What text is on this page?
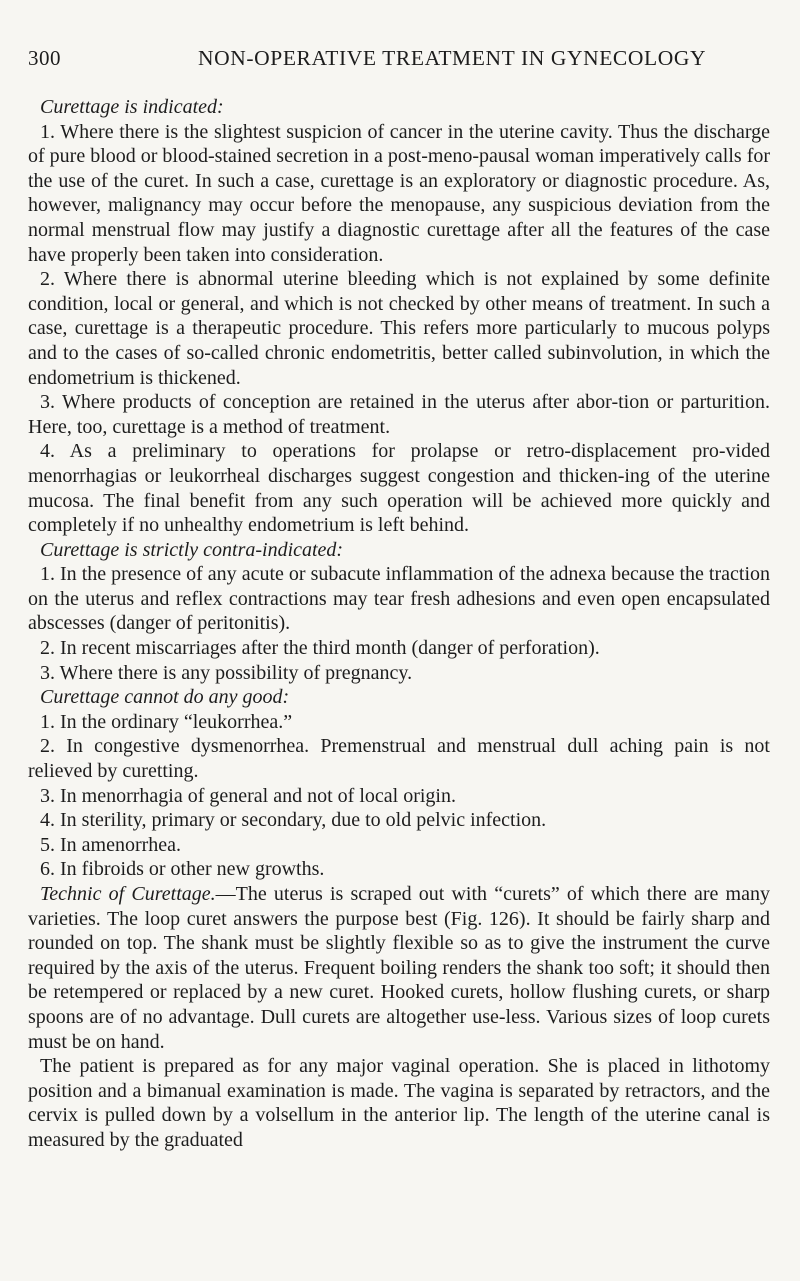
300	NON-OPERATIVE TREATMENT IN GYNECOLOGY

Curettage is indicated:

1. Where there is the slightest suspicion of cancer in the uterine cavity. Thus the discharge of pure blood or blood-stained secretion in a post-meno-pausal woman imperatively calls for the use of the curet. In such a case, curettage is an exploratory or diagnostic procedure. As, however, malignancy may occur before the menopause, any suspicious deviation from the normal menstrual flow may justify a diagnostic curettage after all the features of the case have properly been taken into consideration.

2. Where there is abnormal uterine bleeding which is not explained by some definite condition, local or general, and which is not checked by other means of treatment. In such a case, curettage is a therapeutic procedure. This refers more particularly to mucous polyps and to the cases of so-called chronic endometritis, better called subinvolution, in which the endometrium is thickened.

3. Where products of conception are retained in the uterus after abor-tion or parturition. Here, too, curettage is a method of treatment.

4. As a preliminary to operations for prolapse or retro-displacement pro-vided menorrhagias or leukorrheal discharges suggest congestion and thicken-ing of the uterine mucosa. The final benefit from any such operation will be achieved more quickly and completely if no unhealthy endometrium is left behind.

Curettage is strictly contra-indicated:

1. In the presence of any acute or subacute inflammation of the adnexa because the traction on the uterus and reflex contractions may tear fresh adhesions and even open encapsulated abscesses (danger of peritonitis).

2. In recent miscarriages after the third month (danger of perforation).

3. Where there is any possibility of pregnancy.

Curettage cannot do any good:

1. In the ordinary “leukorrhea.”

2. In congestive dysmenorrhea. Premenstrual and menstrual dull aching pain is not relieved by curetting.

3. In menorrhagia of general and not of local origin.

4. In sterility, primary or secondary, due to old pelvic infection.

5. In amenorrhea.

6. In fibroids or other new growths.

Technic of Curettage.—The uterus is scraped out with “curets” of which there are many varieties. The loop curet answers the purpose best (Fig. 126). It should be fairly sharp and rounded on top. The shank must be slightly flexible so as to give the instrument the curve required by the axis of the uterus. Frequent boiling renders the shank too soft; it should then be retempered or replaced by a new curet. Hooked curets, hollow flushing curets, or sharp spoons are of no advantage. Dull curets are altogether use-less. Various sizes of loop curets must be on hand.

The patient is prepared as for any major vaginal operation. She is placed in lithotomy position and a bimanual examination is made. The vagina is separated by retractors, and the cervix is pulled down by a volsellum in the anterior lip. The length of the uterine canal is measured by the graduated
